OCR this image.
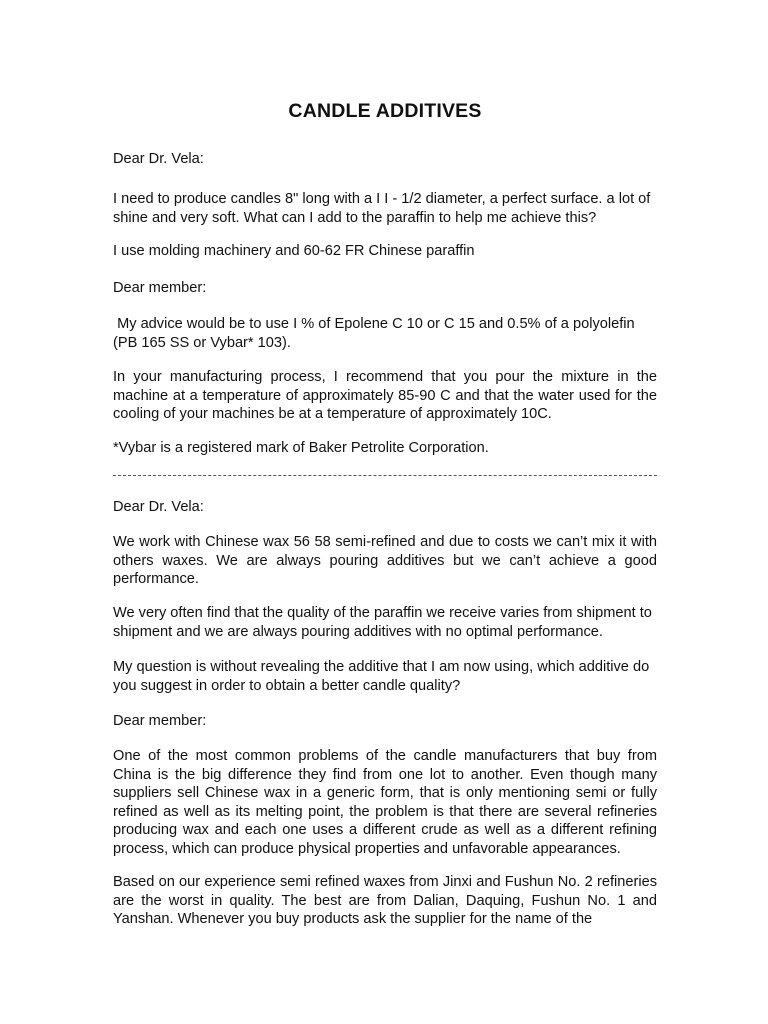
CANDLE ADDITIVES

Dear Dr. Vela:

I need to produce candles 8" long with a I I - 1/2 diameter, a perfect surface. a lot of shine and very soft. What can I add to the paraffin to help me achieve this?

I use molding machinery and 60-62 FR Chinese paraffin

Dear member:

My advice would be to use I % of Epolene C 10 or C 15 and 0.5% of a polyolefin (PB 165 SS or Vybar* 103).

In your manufacturing process, I recommend that you pour the mixture in the machine at a temperature of approximately 85-90 C and that the water used for the cooling of your machines be at a temperature of approximately 10C.

*Vybar is a registered mark of Baker Petrolite Corporation.

Dear Dr. Vela:

We work with Chinese wax 56 58 semi-refined and due to costs we can’t mix it with others waxes. We are always pouring additives but we can’t achieve a good performance.

We very often find that the quality of the paraffin we receive varies from shipment to shipment and we are always pouring additives with no optimal performance.

My question is without revealing the additive that I am now using, which additive do you suggest in order to obtain a better candle quality?

Dear member:

One of the most common problems of the candle manufacturers that buy from China is the big difference they find from one lot to another. Even though many suppliers sell Chinese wax in a generic form, that is only mentioning semi or fully refined as well as its melting point, the problem is that there are several refineries producing wax and each one uses a different crude as well as a different refining process, which can produce physical properties and unfavorable appearances.

Based on our experience semi refined waxes from Jinxi and Fushun No. 2 refineries are the worst in quality. The best are from Dalian, Daquing, Fushun No. 1 and Yanshan. Whenever you buy products ask the supplier for the name of the
